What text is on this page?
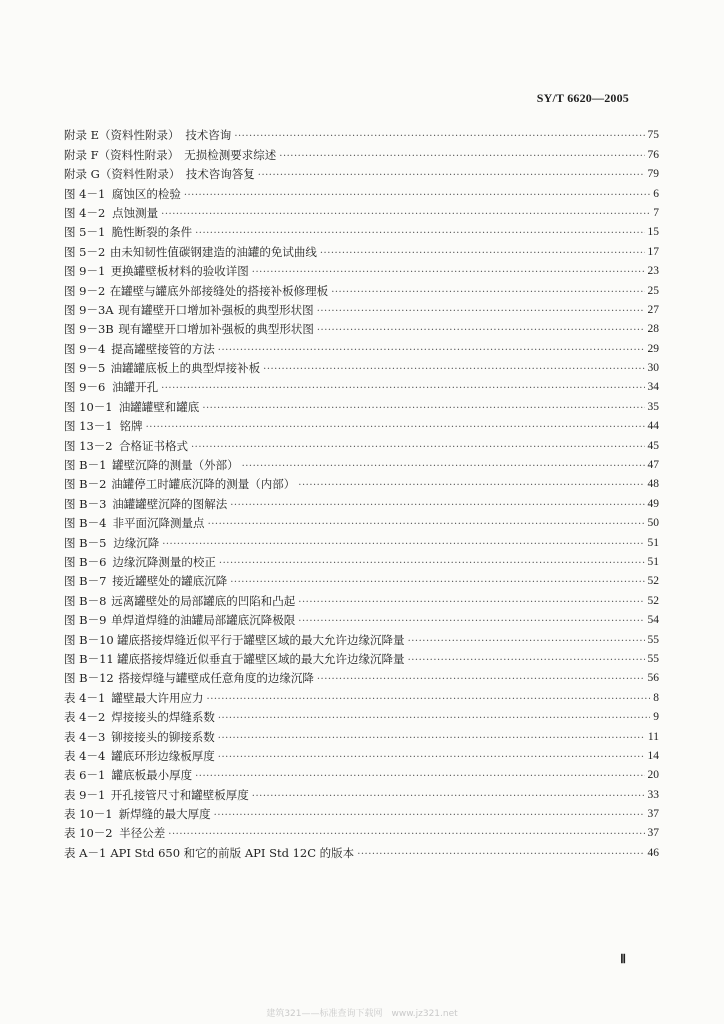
SY/T 6620—2005
附录 E（资料性附录） 技术咨询 ·····	75
附录 F（资料性附录） 无损检测要求综述 ·····	76
附录 G（资料性附录） 技术咨询答复 ·····	79
图 4－1 腐蚀区的检验 ·····	6
图 4－2 点蚀测量 ·····	7
图 5－1 脆性断裂的条件 ·····	15
图 5－2 由未知韧性值碳钢建造的油罐的免试曲线 ·····	17
图 9－1 更换罐壁板材料的验收详图 ·····	23
图 9－2 在罐壁与罐底外部接缝处的搭接补板修理板 ·····	25
图 9－3A 现有罐壁开口增加补强板的典型形状图 ·····	27
图 9－3B 现有罐壁开口增加补强板的典型形状图 ·····	28
图 9－4 提高罐壁接管的方法 ·····	29
图 9－5 油罐罐底板上的典型焊接补板 ·····	30
图 9－6 油罐开孔 ·····	34
图 10－1 油罐罐壁和罐底 ·····	35
图 13－1 铭牌 ·····	44
图 13－2 合格证书格式 ·····	45
图 B－1 罐壁沉降的测量（外部） ·····	47
图 B－2 油罐停工时罐底沉降的测量（内部） ·····	48
图 B－3 油罐罐壁沉降的图解法 ·····	49
图 B－4 非平面沉降测量点 ·····	50
图 B－5 边缘沉降 ·····	51
图 B－6 边缘沉降测量的校正 ·····	51
图 B－7 接近罐壁处的罐底沉降 ·····	52
图 B－8 远离罐壁处的局部罐底的凹陷和凸起 ·····	52
图 B－9 单焊道焊缝的油罐局部罐底沉降极限 ·····	54
图 B－10 罐底搭接焊缝近似平行于罐壁区域的最大允许边缘沉降量 ·····	55
图 B－11 罐底搭接焊缝近似垂直于罐壁区域的最大允许边缘沉降量 ·····	55
图 B－12 搭接焊缝与罐壁成任意角度的边缘沉降 ·····	56
表 4－1 罐壁最大许用应力 ·····	8
表 4－2 焊接接头的焊缝系数 ·····	9
表 4－3 铆接接头的铆接系数 ·····	11
表 4－4 罐底环形边缘板厚度 ·····	14
表 6－1 罐底板最小厚度 ·····	20
表 9－1 开孔接管尺寸和罐壁板厚度 ·····	33
表 10－1 新焊缝的最大厚度 ·····	37
表 10－2 半径公差 ·····	37
表 A－1 API Std 650 和它的前版 API Std 12C 的版本 ·····	46
Ⅱ
建筑321——标准查询下载网　www.jz321.net
